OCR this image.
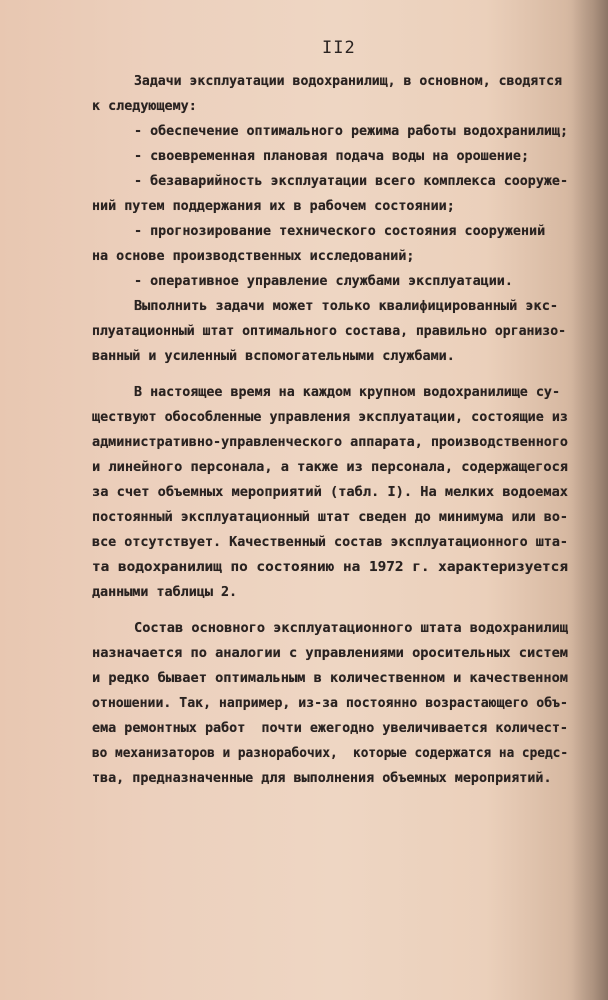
II2
Задачи эксплуатации водохранилищ, в основном, сводятся
к следующему:
- обеспечение оптимального режима работы водохранилищ;
- своевременная плановая подача воды на орошение;
- безаварийность эксплуатации всего комплекса сооруже-
ний путем поддержания их в рабочем состоянии;
- прогнозирование технического состояния сооружений
на основе производственных исследований;
- оперативное управление службами эксплуатации.
Выполнить задачи может только квалифицированный экс-
плуатационный штат оптимального состава, правильно организо-
ванный и усиленный вспомогательными службами.
В настоящее время на каждом крупном водохранилище су-
ществуют обособленные управления эксплуатации, состоящие из
административно-управленческого аппарата, производственного
и линейного персонала, а также из персонала, содержащегося
за счет объемных мероприятий (табл. I). На мелких водоемах
постоянный эксплуатационный штат сведен до минимума или во-
все отсутствует. Качественный состав эксплуатационного шта-
та водохранилищ по состоянию на 1972 г. характеризуется
данными таблицы 2.
Состав основного эксплуатационного штата водохранилищ
назначается по аналогии с управлениями оросительных систем
и редко бывает оптимальным в количественном и качественном
отношении. Так, например, из-за постоянно возрастающего объ-
ема ремонтных работ  почти ежегодно увеличивается количест-
во механизаторов и разнорабочих,  которые содержатся на средс-
тва, предназначенные для выполнения объемных мероприятий.
